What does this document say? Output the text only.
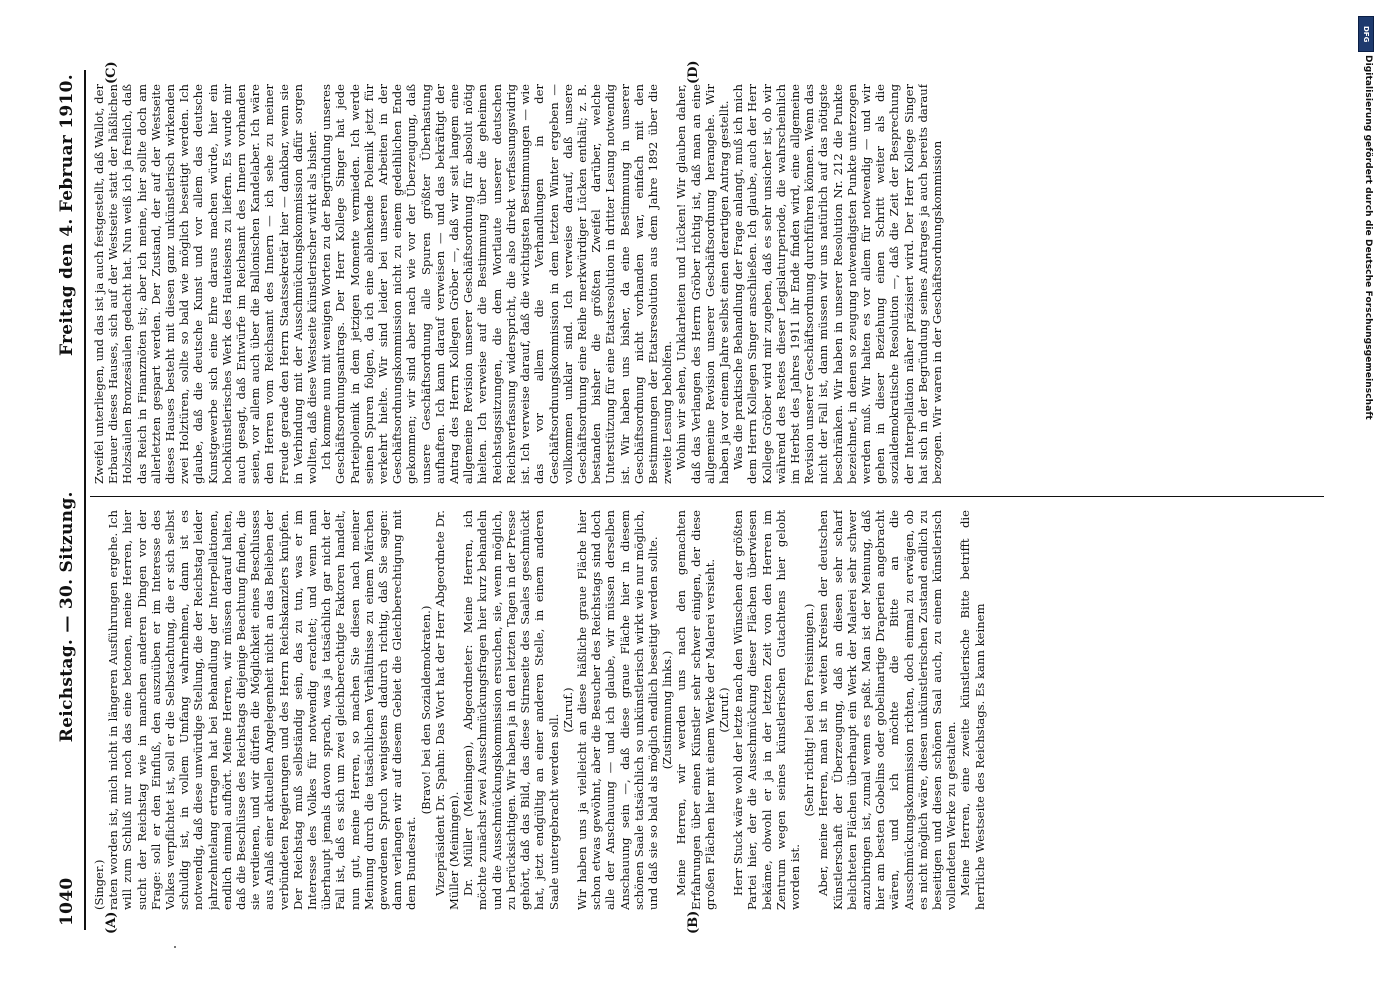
1040
Reichstag. — 30. Sitzung.
Freitag den 4. Februar 1910.
(A)	(B)
(C)	(D)

(Singer.) raten worden ist, mich nicht in längeren Ausführungen ergehe. Ich will zum Schluß nur noch das eine betonen, meine Herren, hier sucht der Reichstag wie in manchen anderen Dingen vor der Frage: soll er den Einfluß, den auszuüben er im Interesse des Volkes verpflichtet ist, soll er die Selbstachtung, die er sich selbst schuldig ist, in vollem Umfang wahrnehmen, dann ist es notwendig, daß diese unwürdige Stellung, die der Reichstag leider jahrzehntelang ertragen hat bei Behandlung der Interpellationen, endlich einmal aufhört. Meine Herren, wir müssen darauf halten, daß die Beschlüsse des Reichstags diejenige Beachtung finden, die sie verdienen, und wir dürfen die Möglichkeit eines Beschlusses aus Anlaß einer aktuellen Angelegenheit nicht an das Belieben der verbündeten Regierungen und des Herrn Reichskanzlers knüpfen. Der Reichstag muß selbständig sein, das zu tun, was er im Interesse des Volkes für notwendig erachtet; und wenn man überhaupt jemals davon sprach, was ja tatsächlich gar nicht der Fall ist, daß es sich um zwei gleichberechtigte Faktoren handelt, nun gut, meine Herren, so machen Sie diesen nach meiner Meinung durch die tatsächlichen Verhältnisse zu einem Märchen gewordenen Spruch wenigstens dadurch richtig, daß Sie sagen: dann verlangen wir auf diesem Gebiet die Gleichberechtigung mit dem Bundesrat.

(Bravo! bei den Sozialdemokraten.) Vizepräsident Dr. Spahn: Das Wort hat der Herr Abgeordnete Dr. Müller (Meiningen). Dr. Müller (Meiningen), Abgeordneter: Meine Herren, ich möchte zunächst zwei Ausschmückungsfragen hier kurz behandeln und die Ausschmückungskommission ersuchen, sie, wenn möglich, zu berücksichtigen. Wir haben ja in den letzten Tagen in der Presse gehört, daß das Bild, das diese Stirnseite des Saales geschmückt hat, jetzt endgültig an einer anderen Stelle, in einem anderen Saale untergebracht werden soll.

(Zuruf.) Wir haben uns ja vielleicht an diese häßliche graue Fläche hier schon etwas gewöhnt, aber die Besucher des Reichstags sind doch alle der Anschauung — und ich glaube, wir müssen derselben Anschauung sein —, daß diese graue Fläche hier in diesem schönen Saale tatsächlich so unkünstlerisch wirkt wie nur möglich, und daß sie so bald als möglich endlich beseitigt werden sollte. (Zustimmung links.) Meine Herren, wir werden uns nach den gemachten Erfahrungen über einen Künstler sehr schwer einigen, der diese großen Flächen hier mit einem Werke der Malerei versieht. (Zuruf.) Herr Stuck wäre wohl der letzte nach den Wünschen der größten Partei hier, der die Ausschmückung dieser Flächen überwiesen bekäme, obwohl er ja in der letzten Zeit von den Herren im Zentrum wegen seines künstlerischen Gutachtens hier gelobt worden ist.

(Sehr richtig! bei den Freisinnigen.) Aber, meine Herren, man ist in weiten Kreisen der deutschen Künstlerschaft der Überzeugung, daß an diesen sehr scharf belichteten Flächen überhaupt ein Werk der Malerei sehr schwer anzubringen ist, zumal wenn es paßt. Man ist der Meinung, daß hier am besten Gobelins oder gobelinartige Draperien angebracht wären, und ich möchte die Bitte an die Ausschmückungskommission richten, doch einmal zu erwägen, ob es nicht möglich wäre, diesen unkünstlerischen Zustand endlich zu beseitigen und diesen schönen Saal auch, zu einem künstlerisch vollendeten Werke zu gestalten. Meine Herren, eine zweite künstlerische Bitte betrifft die herrliche Westseite des Reichstags. Es kann keinem

Zweifel unterliegen, und das ist ja auch festgestellt, daß Wallot, der Erbauer dieses Hauses, sich auf der Westseite statt der häßlichen Holzsäulen Bronzesäulen gedacht hat. Nun weiß ich ja freilich, daß das Reich in Finanznöten ist; aber ich meine, hier sollte doch am allerletzten gespart werden. Der Zustand, der auf der Westseite dieses Hauses besteht mit diesen ganz unkünstlerisch wirkenden zwei Holztüren, sollte so bald wie möglich beseitigt werden. Ich glaube, daß die deutsche Kunst und vor allem das deutsche Kunstgewerbe sich eine Ehre daraus machen würde, hier ein hochkünstlerisches Werk des Hauteisens zu liefern. Es wurde mir auch gesagt, daß Entwürfe im Reichsamt des Innern vorhanden seien, vor allem auch über die Ballonischen Kandelaber. Ich wäre den Herren vom Reichsamt des Innern — ich sehe zu meiner Freude gerade den Herrn Staatssekretär hier — dankbar, wenn sie in Verbindung mit der Ausschmückungskommission dafür sorgen wollten, daß diese Westseite künstlerischer wirkt als bisher. Ich komme nun mit wenigen Worten zu der Begründung unseres Geschäftsordnungsantrags. Der Herr Kollege Singer hat jede Parteipolemik in dem jetzigen Momente vermieden. Ich werde seinen Spuren folgen, da ich eine ablenkende Polemik jetzt für verkehrt hielte. Wir sind leider bei unseren Arbeiten in der Geschäftsordnungskommission nicht zu einem gedeihlichen Ende gekommen; wir sind aber nach wie vor der Überzeugung, daß unsere Geschäftsordnung alle Spuren größter Überhastung aufhaften. Ich kann darauf verweisen — und das bekräftigt der Antrag des Herrn Kollegen Gröber —, daß wir seit langem eine allgemeine Revision unserer Geschäftsordnung für absolut nötig hielten. Ich verweise auf die Bestimmung über die geheimen Reichstagssitzungen, die dem Wortlaute unserer deutschen Reichsverfassung widerspricht, die also direkt verfassungswidrig ist. Ich verweise darauf, daß die wichtigsten Bestimmungen — wie das vor allem die Verhandlungen in der Geschäftsordnungskommission in dem letzten Winter ergeben — vollkommen unklar sind. Ich verweise darauf, daß unsere Geschäftsordnung eine Reihe merkwürdiger Lücken enthält; z. B. bestanden bisher die größten Zweifel darüber, welche Unterstützung für eine Etatsresolution in dritter Lesung notwendig ist. Wir haben uns bisher, da eine Bestimmung in unserer Geschäftsordnung nicht vorhanden war, einfach mit den Bestimmungen der Etatsresolution aus dem Jahre 1892 über die zweite Lesung beholfen. Wohin wir sehen, Unklarheiten und Lücken! Wir glauben daher, daß das Verlangen des Herrn Gröber richtig ist, daß man an eine allgemeine Revision unserer Geschäftsordnung herangehe. Wir haben ja vor einem Jahre selbst einen derartigen Antrag gestellt. Was die praktische Behandlung der Frage anlangt, muß ich mich dem Herrn Kollegen Singer anschließen. Ich glaube, auch der Herr Kollege Gröber wird mir zugeben, daß es sehr unsicher ist, ob wir während des Restes dieser Legislaturperiode, die wahrscheinlich im Herbst des Jahres 1911 ihr Ende finden wird, eine allgemeine Revision unserer Geschäftsordnung durchführen können. Wenn das nicht der Fall ist, dann müssen wir uns natürlich auf das nötigste beschränken. Wir haben in unserer Resolution Nr. 212 die Punkte bezeichnet, in denen so zeugung notwendigsten Punkte unterzogen werden muß. Wir halten es vor allem für notwendig — und wir gehen in dieser Beziehung einen Schritt weiter als die sozialdemokratische Resolution —, daß die Zeit der Besprechung der Interpellation näher präzisiert wird. Der Herr Kollege Singer hat sich in der Begründung seines Antrages ja auch bereits darauf bezogen. Wir waren in der Geschäftsordnungskommission

DFG
Digitalisierung gefördert durch die Deutsche Forschungsgemeinschaft
